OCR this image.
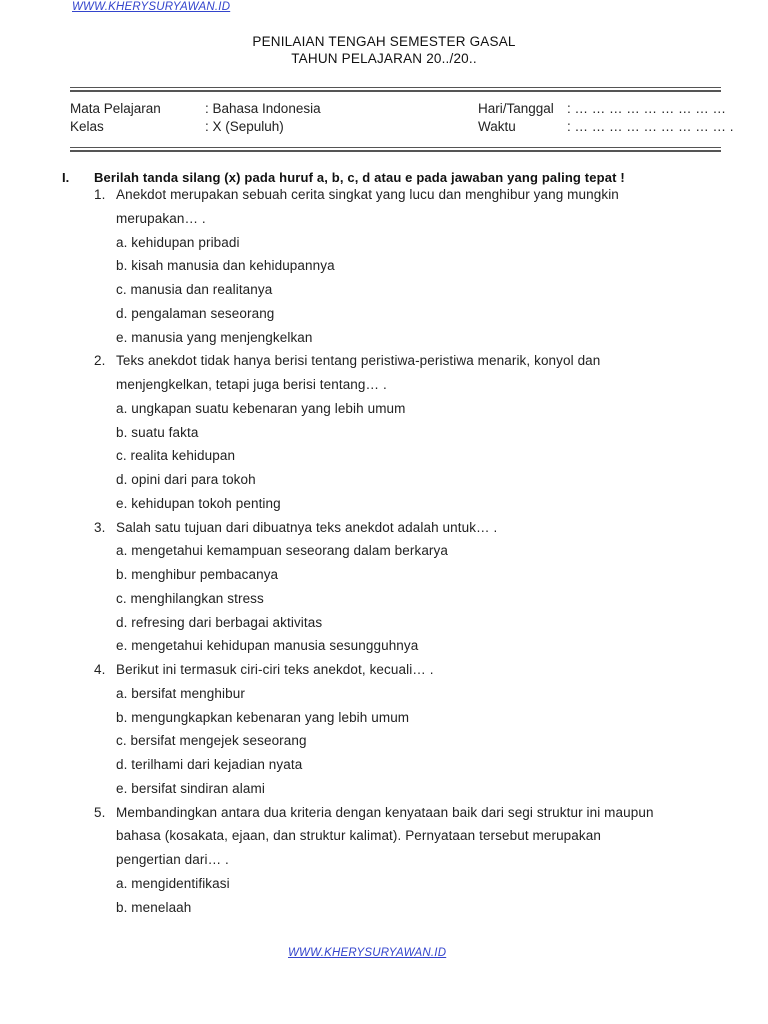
WWW.KHERYSURYAWAN.ID
PENILAIAN TENGAH SEMESTER GASAL
TAHUN PELAJARAN 20../20..
Mata Pelajaran	: Bahasa Indonesia
Kelas	: X (Sepuluh)
Hari/Tanggal : … … … … … … … … …
Waktu	: … … … … … … … … … .
I. Berilah tanda silang (x) pada huruf a, b, c, d atau e pada jawaban yang paling tepat !
1. Anekdot merupakan sebuah cerita singkat yang lucu dan menghibur yang mungkin
merupakan… .
a. kehidupan pribadi
b. kisah manusia dan kehidupannya
c. manusia dan realitanya
d. pengalaman seseorang
e. manusia yang menjengkelkan
2. Teks anekdot tidak hanya berisi tentang peristiwa-peristiwa menarik, konyol dan
menjengkelkan, tetapi juga berisi tentang… .
a. ungkapan suatu kebenaran yang lebih umum
b. suatu fakta
c. realita kehidupan
d. opini dari para tokoh
e. kehidupan tokoh penting
3. Salah satu tujuan dari dibuatnya teks anekdot adalah untuk… .
a. mengetahui kemampuan seseorang dalam berkarya
b. menghibur pembacanya
c. menghilangkan stress
d. refresing dari berbagai aktivitas
e. mengetahui kehidupan manusia sesungguhnya
4. Berikut ini termasuk ciri-ciri teks anekdot, kecuali… .
a. bersifat menghibur
b. mengungkapkan kebenaran yang lebih umum
c. bersifat mengejek seseorang
d. terilhami dari kejadian nyata
e. bersifat sindiran alami
5. Membandingkan antara dua kriteria dengan kenyataan baik dari segi struktur ini maupun
bahasa (kosakata, ejaan, dan struktur kalimat). Pernyataan tersebut merupakan
pengertian dari… .
a. mengidentifikasi
b. menelaah
WWW.KHERYSURYAWAN.ID
